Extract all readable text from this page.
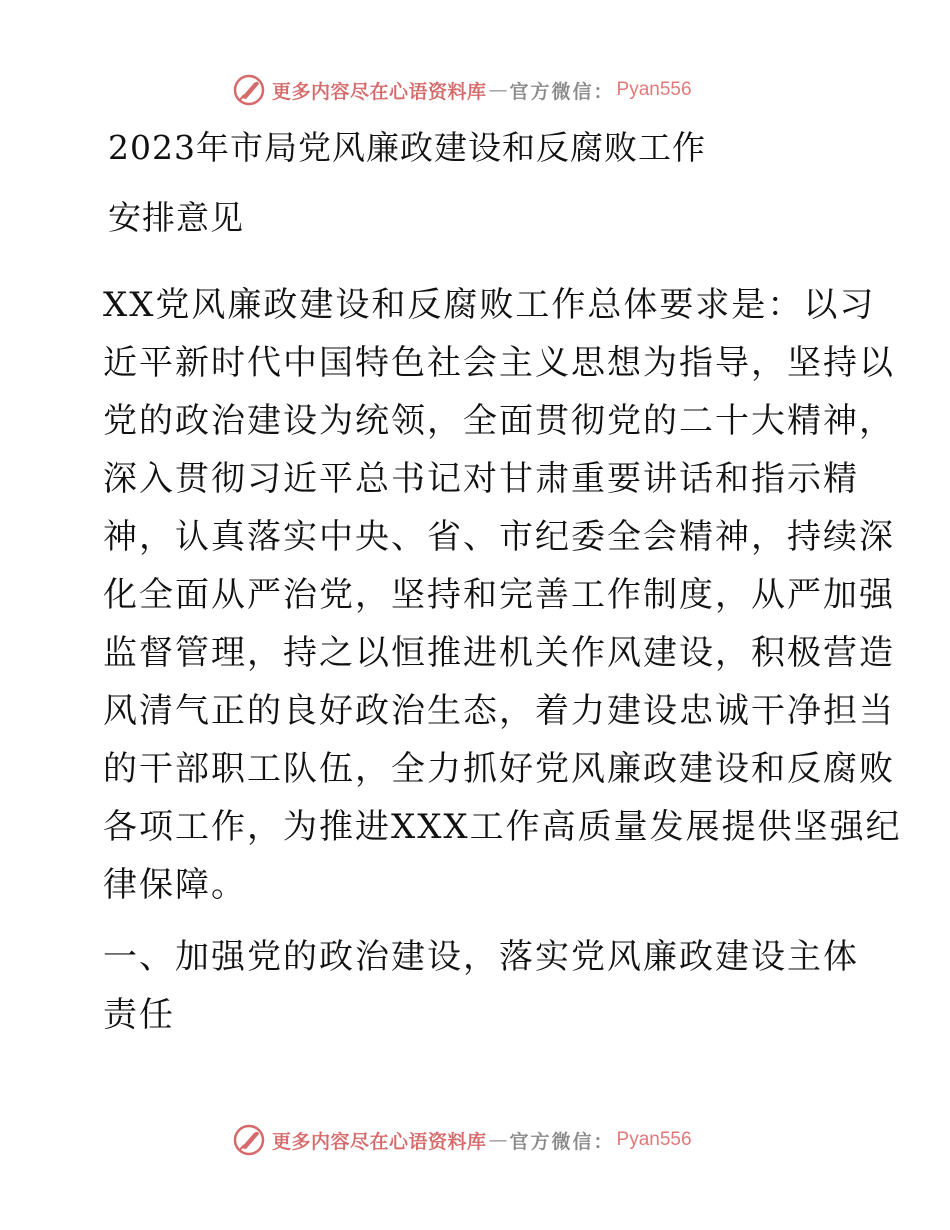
更多内容尽在心语资料库 — 官方微信： Pyan556
2023年市局党风廉政建设和反腐败工作
安排意见
XX党风廉政建设和反腐败工作总体要求是：以习
近平新时代中国特色社会主义思想为指导，坚持以
党的政治建设为统领，全面贯彻党的二十大精神，
深入贯彻习近平总书记对甘肃重要讲话和指示精
神，认真落实中央、省、市纪委全会精神，持续深
化全面从严治党，坚持和完善工作制度，从严加强
监督管理，持之以恒推进机关作风建设，积极营造
风清气正的良好政治生态，着力建设忠诚干净担当
的干部职工队伍，全力抓好党风廉政建设和反腐败
各项工作，为推进XXX工作高质量发展提供坚强纪
律保障。
一、加强党的政治建设，落实党风廉政建设主体
责任
更多内容尽在心语资料库 — 官方微信： Pyan556
